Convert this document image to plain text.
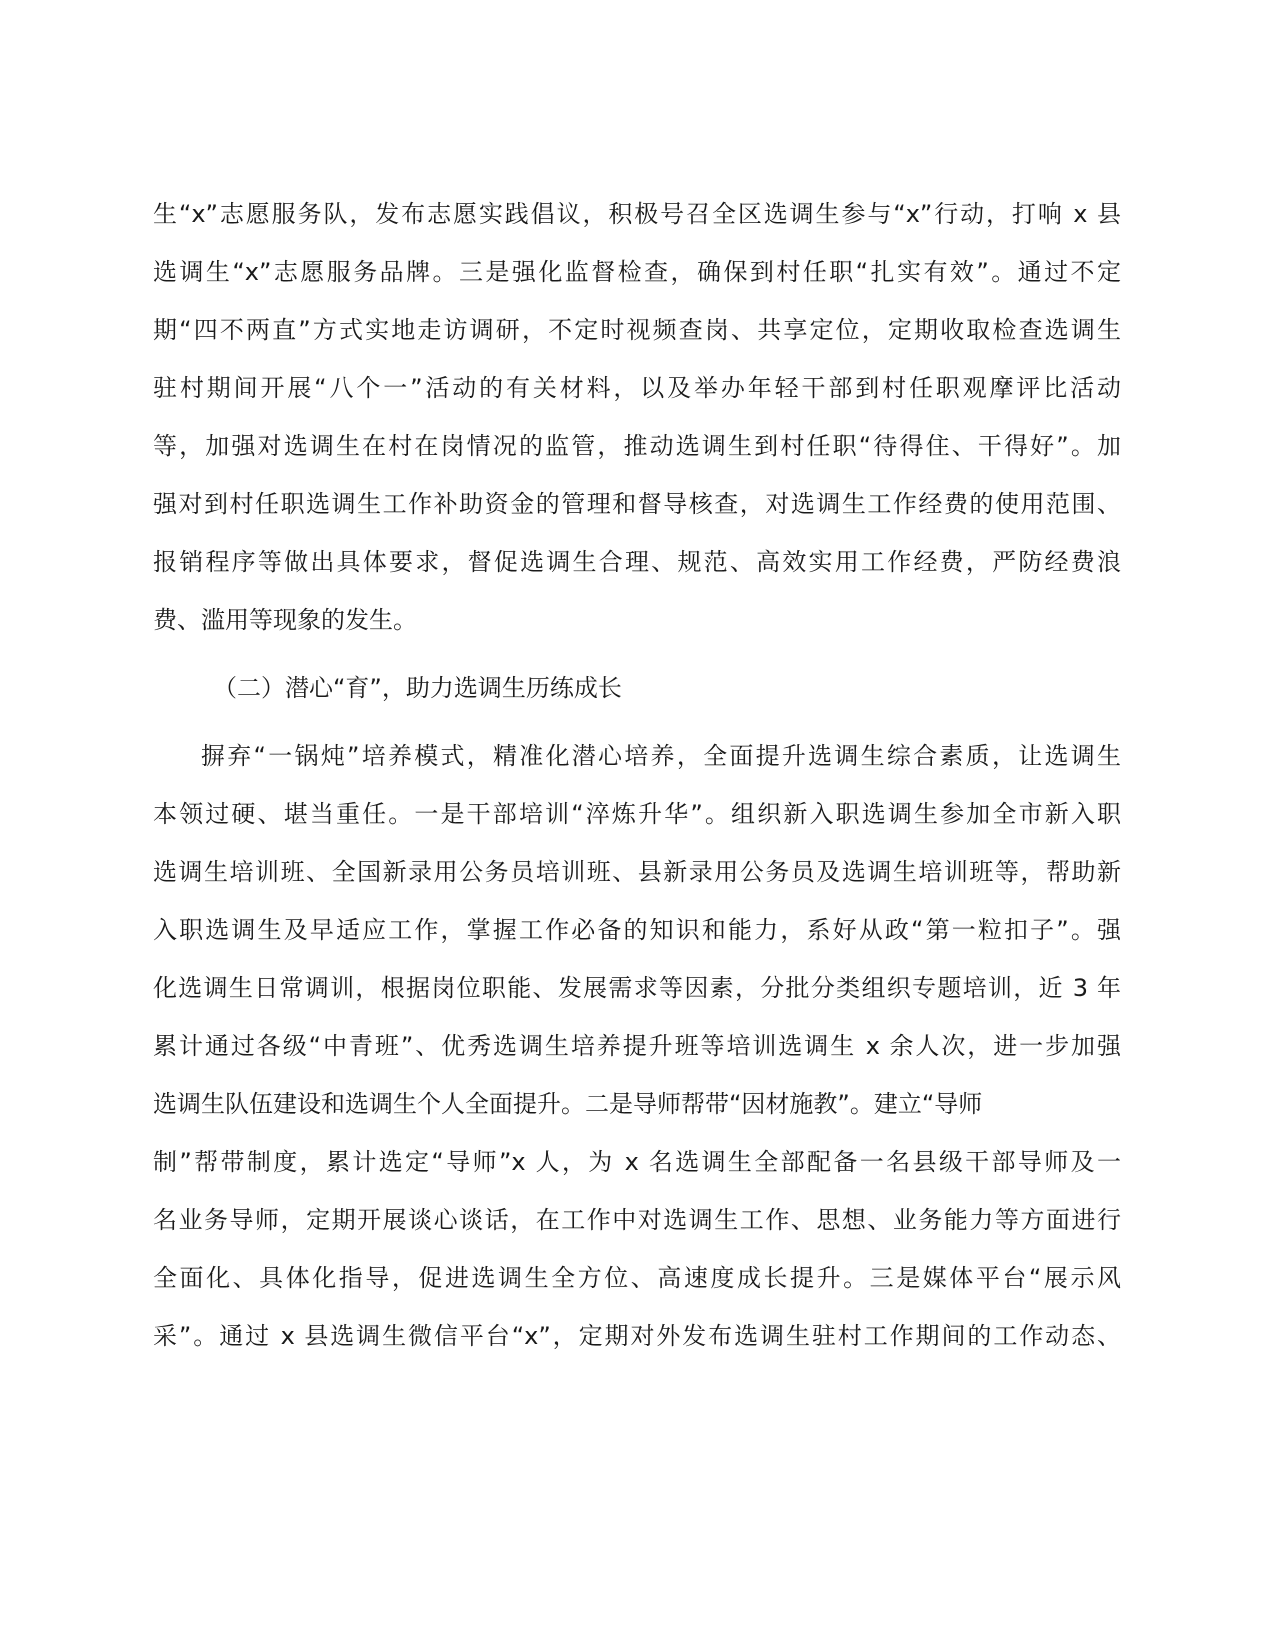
生“x”志愿服务队，发布志愿实践倡议，积极号召全区选调生参与“x”行动，打响 x 县
选调生“x”志愿服务品牌。三是强化监督检查，确保到村任职“扎实有效”。通过不定
期“四不两直”方式实地走访调研，不定时视频查岗、共享定位，定期收取检查选调生
驻村期间开展“八个一”活动的有关材料，以及举办年轻干部到村任职观摩评比活动
等，加强对选调生在村在岗情况的监管，推动选调生到村任职“待得住、干得好”。加
强对到村任职选调生工作补助资金的管理和督导核查，对选调生工作经费的使用范围、
报销程序等做出具体要求，督促选调生合理、规范、高效实用工作经费，严防经费浪
费、滥用等现象的发生。
（二）潜心“育”，助力选调生历练成长
摒弃“一锅炖”培养模式，精准化潜心培养，全面提升选调生综合素质，让选调生
本领过硬、堪当重任。一是干部培训“淬炼升华”。组织新入职选调生参加全市新入职
选调生培训班、全国新录用公务员培训班、县新录用公务员及选调生培训班等，帮助新
入职选调生及早适应工作，掌握工作必备的知识和能力，系好从政“第一粒扣子”。强
化选调生日常调训，根据岗位职能、发展需求等因素，分批分类组织专题培训，近 3 年
累计通过各级“中青班”、优秀选调生培养提升班等培训选调生 x 余人次，进一步加强
选调生队伍建设和选调生个人全面提升。二是导师帮带“因材施教”。建立“导师
制”帮带制度，累计选定“导师”x 人，为 x 名选调生全部配备一名县级干部导师及一
名业务导师，定期开展谈心谈话，在工作中对选调生工作、思想、业务能力等方面进行
全面化、具体化指导，促进选调生全方位、高速度成长提升。三是媒体平台“展示风
采”。通过 x 县选调生微信平台“x”，定期对外发布选调生驻村工作期间的工作动态、
